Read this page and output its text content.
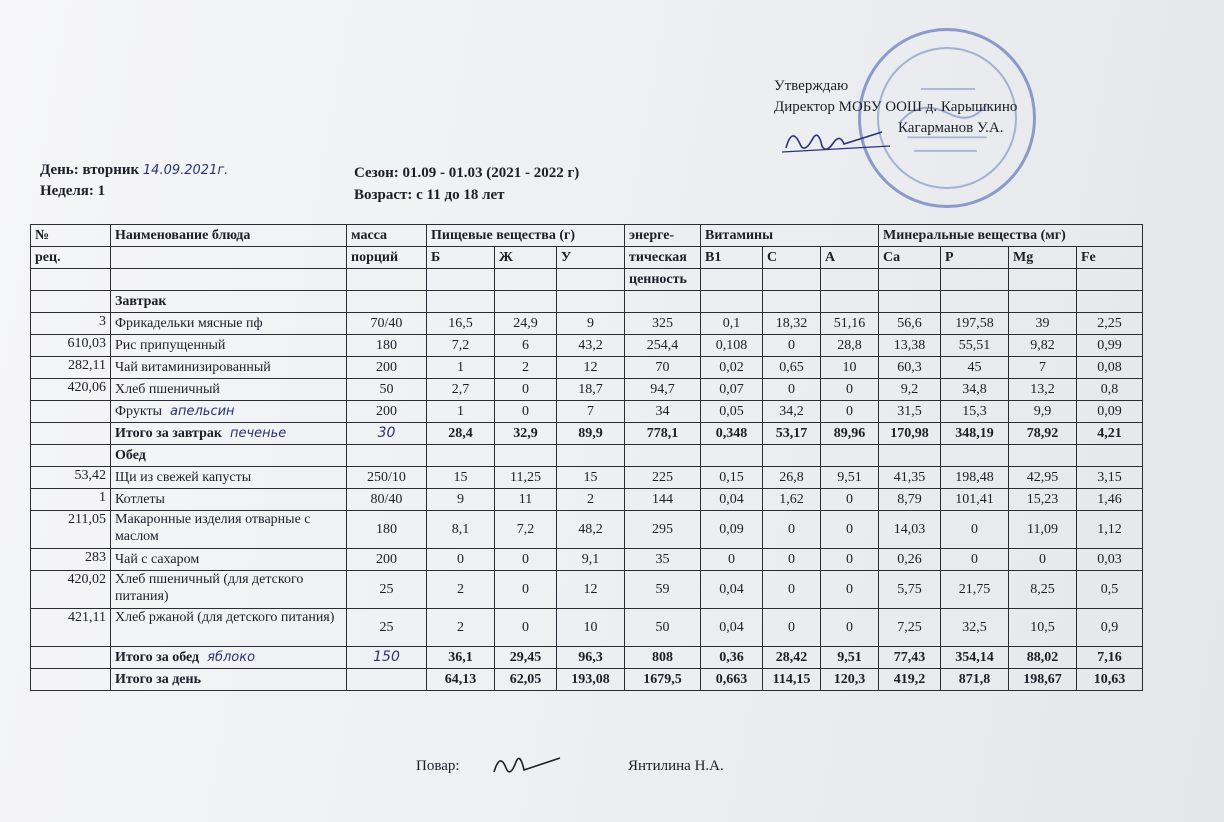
Утверждаю
Директор МОБУ ООШ д. Карышкино
Кагарманов У.А.
День: вторник 14.09.2021г.
Неделя: 1
Сезон: 01.09 - 01.03 (2021 - 2022 г)
Возраст: с 11 до 18 лет
№	Наименование блюда	масса	Пищевые вещества (г)			энерге-	Витамины			Минеральные вещества (мг)			
рец.		порций	Б	Ж	У	тическая	B1	C	A	Ca	P	Mg	Fe
						ценность							
	Завтрак												
3	Фрикадельки мясные пф	70/40	16,5	24,9	9	325	0,1	18,32	51,16	56,6	197,58	39	2,25
610,03	Рис припущенный	180	7,2	6	43,2	254,4	0,108	0	28,8	13,38	55,51	9,82	0,99
282,11	Чай витаминизированный	200	1	2	12	70	0,02	0,65	10	60,3	45	7	0,08
420,06	Хлеб пшеничный	50	2,7	0	18,7	94,7	0,07	0	0	9,2	34,8	13,2	0,8
	Фрукты апельсин	200	1	0	7	34	0,05	34,2	0	31,5	15,3	9,9	0,09
	Итого за завтрак печенье	30	28,4	32,9	89,9	778,1	0,348	53,17	89,96	170,98	348,19	78,92	4,21
	Обед												
53,42	Щи из свежей капусты	250/10	15	11,25	15	225	0,15	26,8	9,51	41,35	198,48	42,95	3,15
1	Котлеты	80/40	9	11	2	144	0,04	1,62	0	8,79	101,41	15,23	1,46
211,05	Макаронные изделия отварные с маслом	180	8,1	7,2	48,2	295	0,09	0	0	14,03	0	11,09	1,12
283	Чай с сахаром	200	0	0	9,1	35	0	0	0	0,26	0	0	0,03
420,02	Хлеб пшеничный (для детского питания)	25	2	0	12	59	0,04	0	0	5,75	21,75	8,25	0,5
421,11	Хлеб ржаной (для детского питания)	25	2	0	10	50	0,04	0	0	7,25	32,5	10,5	0,9
	Итого за обед яблоко	150	36,1	29,45	96,3	808	0,36	28,42	9,51	77,43	354,14	88,02	7,16
	Итого за день		64,13	62,05	193,08	1679,5	0,663	114,15	120,3	419,2	871,8	198,67	10,63
Повар:	Янтилина Н.А.
